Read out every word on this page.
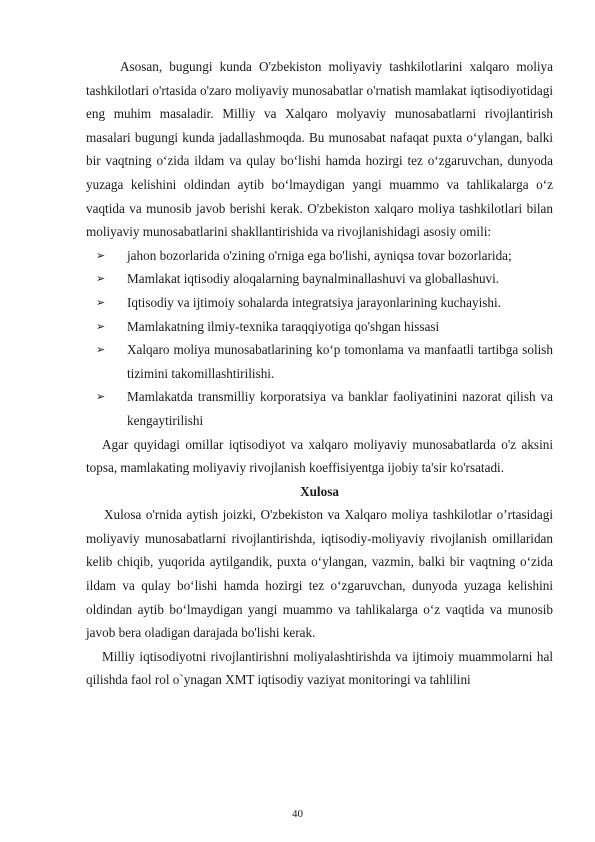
Asosan, bugungi kunda O'zbekiston moliyaviy tashkilotlarini xalqaro moliya tashkilotlari o'rtasida o'zaro moliyaviy munosabatlar o'rnatish mamlakat iqtisodiyotidagi eng muhim masaladir. Milliy va Xalqaro molyaviy munosabatlarni rivojlantirish masalari bugungi kunda jadallashmoqda. Bu munosabat nafaqat puxta o‘ylangan, balki bir vaqtning o‘zida ildam va qulay bo‘lishi hamda hozirgi tez o‘zgaruvchan, dunyoda yuzaga kelishini oldindan aytib bo‘lmaydigan yangi muammo va tahlikalarga o‘z vaqtida va munosib javob berishi kerak. O'zbekiston xalqaro moliya tashkilotlari bilan moliyaviy munosabatlarini shakllantirishida va rivojlanishidagi asosiy omili:

➢ jahon bozorlarida o'zining o'rniga ega bo'lishi, ayniqsa tovar bozorlarida;
➢ Mamlakat iqtisodiy aloqalarning baynalminallashuvi va globallashuvi.
➢ Iqtisodiy va ijtimoiy sohalarda integratsiya jarayonlarining kuchayishi.
➢ Mamlakatning ilmiy-texnika taraqqiyotiga qo'shgan hissasi
➢ Xalqaro moliya munosabatlarining ko‘p tomonlama va manfaatli tartibga solish tizimini takomillashtirilishi.
➢ Mamlakatda transmilliy korporatsiya va banklar faoliyatinini nazorat qilish va kengaytirilishi

Agar quyidagi omillar iqtisodiyot va xalqaro moliyaviy munosabatlarda o'z aksini topsa, mamlakating moliyaviy rivojlanish koeffisiyentga ijobiy ta'sir ko'rsatadi.

Xulosa

Xulosa o'rnida aytish joizki, O'zbekiston va Xalqaro moliya tashkilotlar o’rtasidagi moliyaviy munosabatlarni rivojlantirishda, iqtisodiy-moliyaviy rivojlanish omillaridan kelib chiqib, yuqorida aytilgandik, puxta o‘ylangan, vazmin, balki bir vaqtning o‘zida ildam va qulay bo‘lishi hamda hozirgi tez o‘zgaruvchan, dunyoda yuzaga kelishini oldindan aytib bo‘lmaydigan yangi muammo va tahlikalarga o‘z vaqtida va munosib javob bera oladigan darajada bo'lishi kerak.

Milliy iqtisodiyotni rivojlantirishni moliyalashtirishda va ijtimoiy muammolarni hal qilishda faol rol o`ynagan XMT iqtisodiy vaziyat monitoringi va tahlilini

40
